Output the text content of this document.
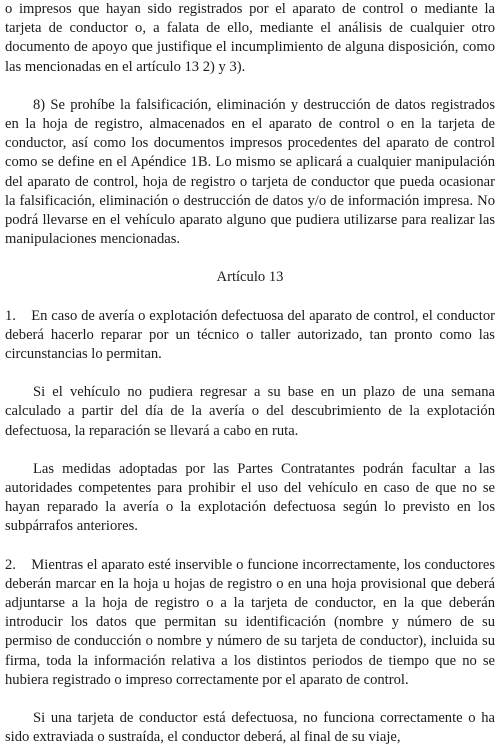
o impresos que hayan sido registrados por el aparato de control o mediante la tarjeta de conductor o, a falata de ello, mediante el análisis de cualquier otro documento de apoyo que justifique el incumplimiento de alguna disposición, como las mencionadas en el artículo 13 2) y 3).

8) Se prohíbe la falsificación, eliminación y destrucción de datos registrados en la hoja de registro, almacenados en el aparato de control o en la tarjeta de conductor, así como los documentos impresos procedentes del aparato de control como se define en el Apéndice 1B. Lo mismo se aplicará a cualquier manipulación del aparato de control, hoja de registro o tarjeta de conductor que pueda ocasionar la falsificación, eliminación o destrucción de datos y/o de información impresa. No podrá llevarse en el vehículo aparato alguno que pudiera utilizarse para realizar las manipulaciones mencionadas.

Artículo 13

1.    En caso de avería o explotación defectuosa del aparato de control, el conductor deberá hacerlo reparar por un técnico o taller autorizado, tan pronto como las circunstancias lo permitan.

Si el vehículo no pudiera regresar a su base en un plazo de una semana calculado a partir del día de la avería o del descubrimiento de la explotación defectuosa, la reparación se llevará a cabo en ruta.

Las medidas adoptadas por las Partes Contratantes podrán facultar a las autoridades competentes para prohibir el uso del vehículo en caso de que no se hayan reparado la avería o la explotación defectuosa según lo previsto en los subpárrafos anteriores.

2.    Mientras el aparato esté inservible o funcione incorrectamente, los conductores deberán marcar en la hoja u hojas de registro o en una hoja provisional que deberá adjuntarse a la hoja de registro o a la tarjeta de conductor, en la que deberán introducir los datos que permitan su identificación (nombre y número de su permiso de conducción o nombre y número de su tarjeta de conductor), incluida su firma, toda la información relativa a los distintos periodos de tiempo que no se hubiera registrado o impreso correctamente por el aparato de control.

Si una tarjeta de conductor está defectuosa, no funciona correctamente o ha sido extraviada o sustraída, el conductor deberá, al final de su viaje,
